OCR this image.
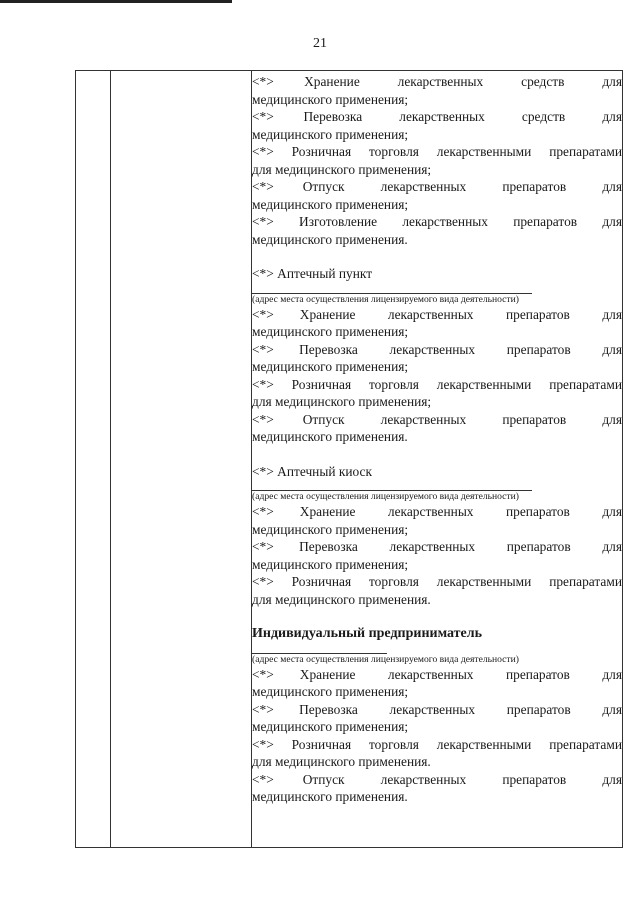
21

<*>    Хранение     лекарственных     средств     для
медицинского применения;
<*>    Перевозка     лекарственных     средств     для
медицинского применения;
<*> Розничная торговля лекарственными препаратами
для медицинского применения;
<*>    Отпуск     лекарственных     препаратов     для
медицинского применения;
<*>   Изготовление   лекарственных   препаратов   для
медицинского применения.
<*> Аптечный пункт
(адрес места осуществления лицензируемого вида деятельности)
<*>    Хранение     лекарственных     препаратов     для
медицинского применения;
<*>    Перевозка     лекарственных     препаратов     для
медицинского применения;
<*> Розничная торговля лекарственными препаратами
для медицинского применения;
<*>    Отпуск     лекарственных     препаратов     для
медицинского применения.
<*> Аптечный киоск
(адрес места осуществления лицензируемого вида деятельности)
<*>    Хранение     лекарственных     препаратов     для
медицинского применения;
<*>    Перевозка     лекарственных     препаратов     для
медицинского применения;
<*> Розничная торговля лекарственными препаратами
для медицинского применения.
Индивидуальный предприниматель
(адрес места осуществления лицензируемого вида деятельности)
<*>    Хранение     лекарственных     препаратов     для
медицинского применения;
<*>    Перевозка     лекарственных     препаратов     для
медицинского применения;
<*> Розничная торговля лекарственными препаратами
для медицинского применения.
<*>    Отпуск     лекарственных     препаратов     для
медицинского применения.
